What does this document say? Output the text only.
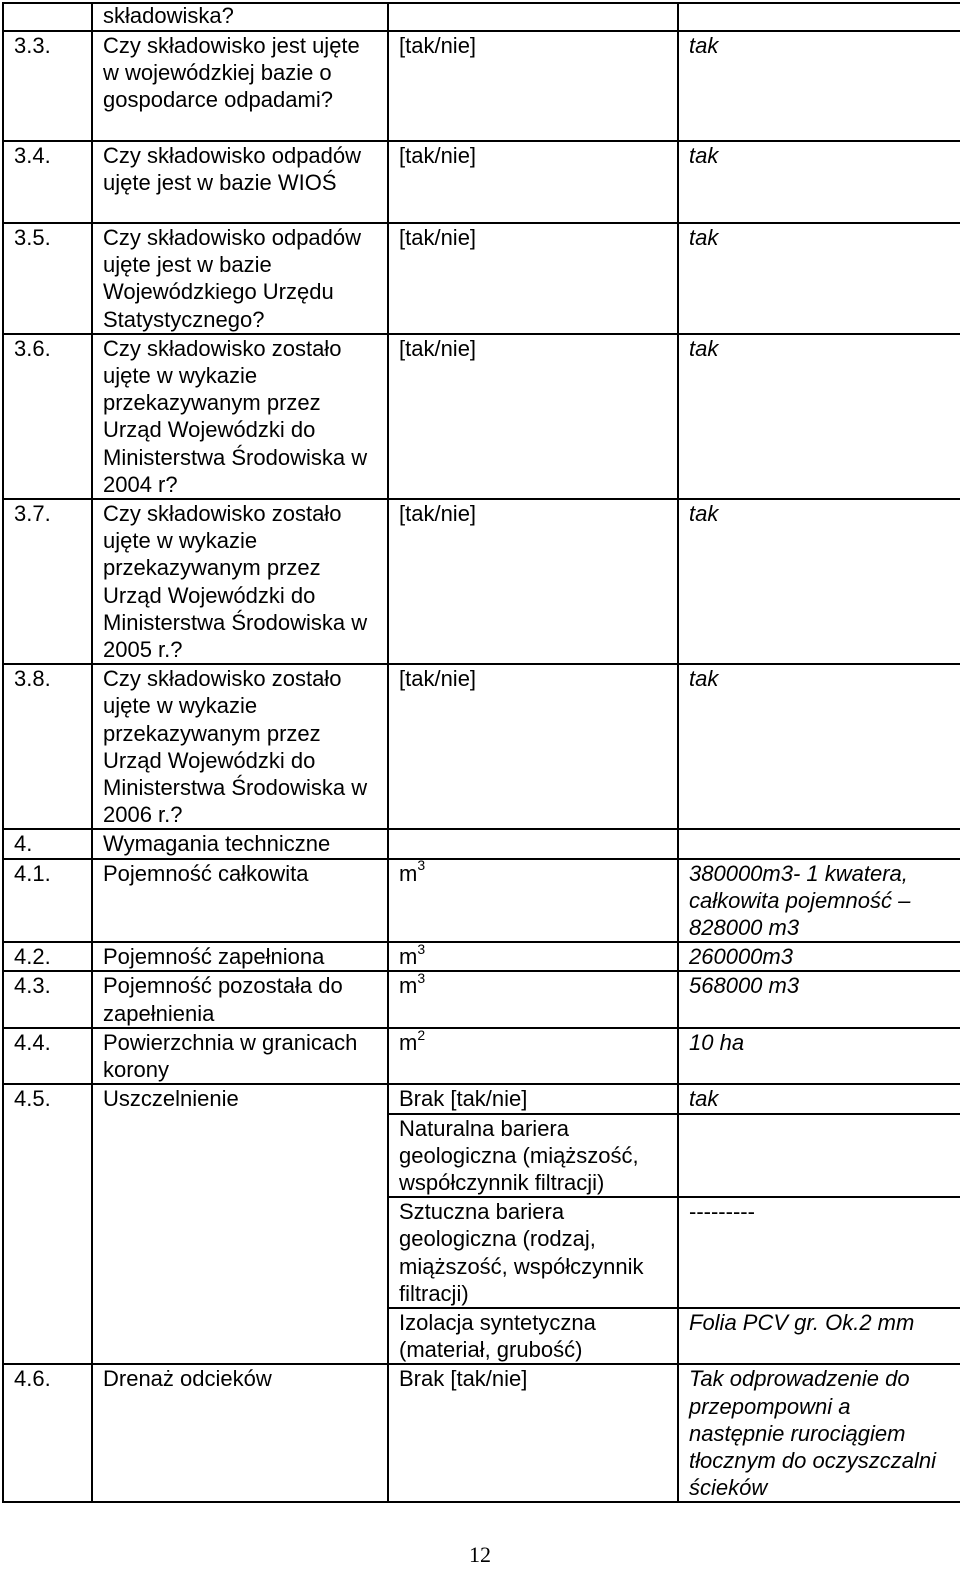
	składowiska?		
3.3.	Czy składowisko jest ujęte w wojewódzkiej bazie o gospodarce odpadami?	[tak/nie]	tak
3.4.	Czy składowisko odpadów ujęte jest w bazie WIOŚ	[tak/nie]	tak
3.5.	Czy składowisko odpadów ujęte jest w bazie Wojewódzkiego Urzędu Statystycznego?	[tak/nie]	tak
3.6.	Czy składowisko zostało ujęte w wykazie przekazywanym przez Urząd Wojewódzki do Ministerstwa Środowiska w 2004 r?	[tak/nie]	tak
3.7.	Czy składowisko zostało ujęte w wykazie przekazywanym przez Urząd Wojewódzki do Ministerstwa Środowiska w 2005 r.?	[tak/nie]	tak
3.8.	Czy składowisko zostało ujęte w wykazie przekazywanym przez Urząd Wojewódzki do Ministerstwa Środowiska w 2006 r.?	[tak/nie]	tak
4.	Wymagania techniczne		
4.1.	Pojemność całkowita	$m^3$	380000m3- 1 kwatera, całkowita pojemność – 828000 m3
4.2.	Pojemność zapełniona	$m^3$	260000m3
4.3.	Pojemność pozostała do zapełnienia	$m^3$	568000 m3
4.4.	Powierzchnia w granicach korony	$m^2$	10 ha
4.5.	Uszczelnienie	Brak [tak/nie]	tak
		Naturalna bariera geologiczna (miąższość, współczynnik filtracji)	
		Sztuczna bariera geologiczna (rodzaj, miąższość, współczynnik filtracji)	---------
		Izolacja syntetyczna (materiał, grubość)	Folia PCV gr. Ok.2 mm
4.6.	Drenaż odcieków	Brak [tak/nie]	Tak odprowadzenie do przepompowni a następnie rurociągiem tłocznym do oczyszczalni ścieków
12
